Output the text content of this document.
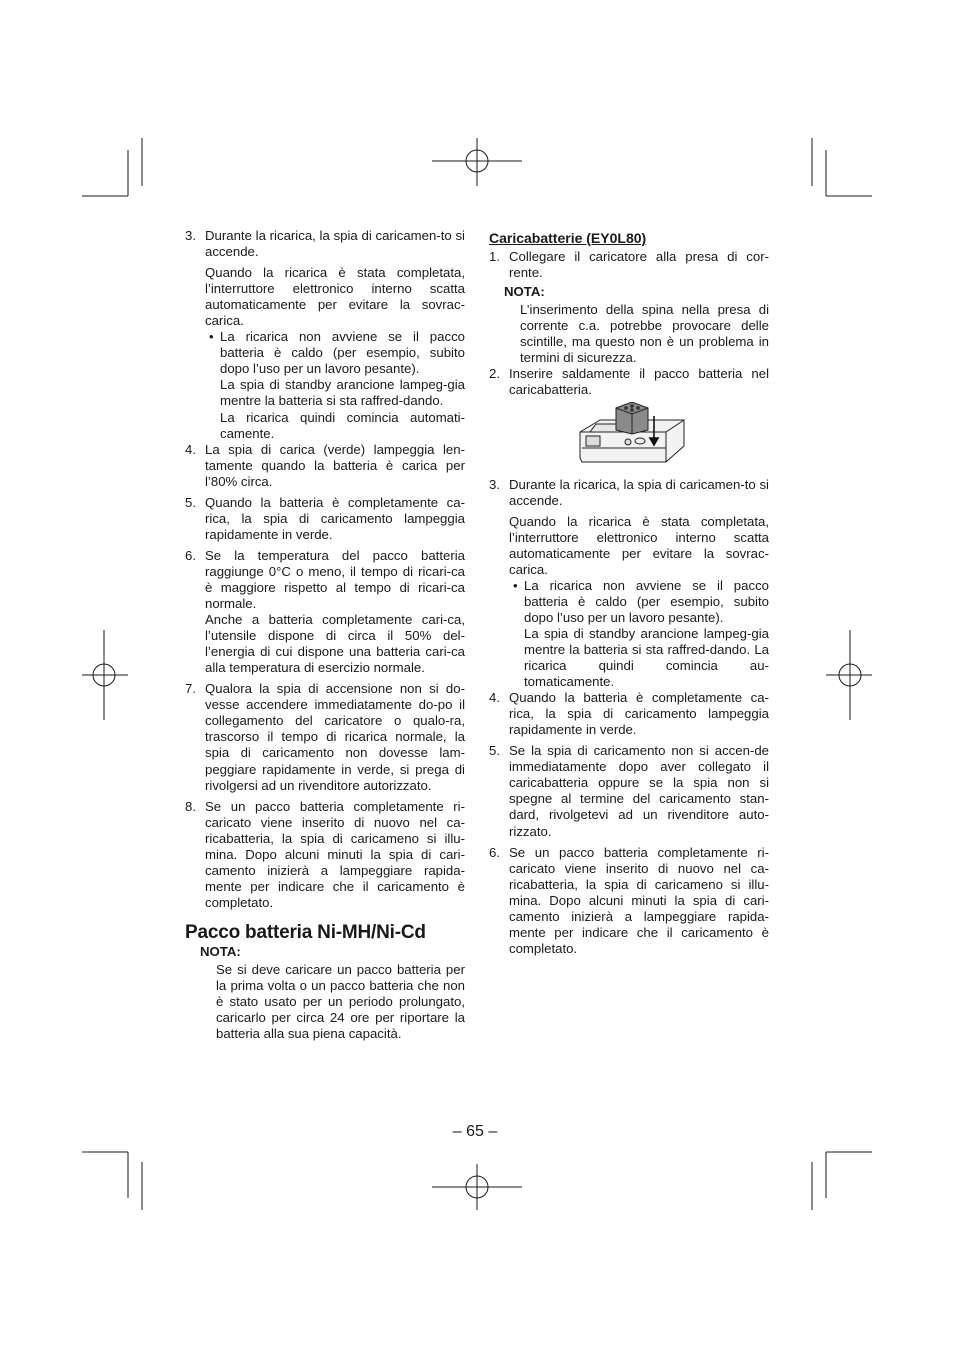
3. Durante la ricarica, la spia di caricamen-to si accende.

Quando la ricarica è stata completata, l’interruttore elettronico interno scatta automaticamente per evitare la sovrac-carica.

• La ricarica non avviene se il pacco batteria è caldo (per esempio, subito dopo l’uso per un lavoro pesante).

La spia di standby arancione lampeg-gia mentre la batteria si sta raffred-dando.

La ricarica quindi comincia automati-camente.

4. La spia di carica (verde) lampeggia len-tamente quando la batteria è carica per l’80% circa.
5. Quando la batteria è completamente ca-rica, la spia di caricamento lampeggia rapidamente in verde.
6. Se la temperatura del pacco batteria raggiunge 0°C o meno, il tempo di ricari-ca è maggiore rispetto al tempo di ricari-ca normale.

Anche a batteria completamente cari-ca, l’utensile dispone di circa il 50% del-l’energia di cui dispone una batteria cari-ca alla temperatura di esercizio normale.

7. Qualora la spia di accensione non si do-vesse accendere immediatamente do-po il collegamento del caricatore o qualo-ra, trascorso il tempo di ricarica normale, la spia di caricamento non dovesse lam-peggiare rapidamente in verde, si prega di rivolgersi ad un rivenditore autorizzato.
8. Se un pacco batteria completamente ri-caricato viene inserito di nuovo nel ca-ricabatteria, la spia di caricameno si illu-mina. Dopo alcuni minuti la spia di cari-camento inizierà a lampeggiare rapida-mente per indicare che il caricamento è completato.
Pacco batteria Ni-MH/Ni-Cd
NOTA:

Se si deve caricare un pacco batteria per la prima volta o un pacco batteria che non è stato usato per un periodo prolungato, caricarlo per circa 24 ore per riportare la batteria alla sua piena capacità.

Caricabatterie (EY0L80)
1. Collegare il caricatore alla presa di cor-rente.
NOTA:

L’inserimento della spina nella presa di corrente c.a. potrebbe provocare delle scintille, ma questo non è un problema in termini di sicurezza.

2. Inserire saldamente il pacco batteria nel caricabatteria.
3. Durante la ricarica, la spia di caricamen-to si accende.

Quando la ricarica è stata completata, l’interruttore elettronico interno scatta automaticamente per evitare la sovrac-carica.

• La ricarica non avviene se il pacco batteria è caldo (per esempio, subito dopo l’uso per un lavoro pesante).

La spia di standby arancione lampeg-gia mentre la batteria si sta raffred-dando. La ricarica quindi comincia au-tomaticamente.

4. Quando la batteria è completamente ca-rica, la spia di caricamento lampeggia rapidamente in verde.
5. Se la spia di caricamento non si accen-de immediatamente dopo aver collegato il caricabatteria oppure se la spia non si spegne al termine del caricamento stan-dard, rivolgetevi ad un rivenditore auto-rizzato.
6. Se un pacco batteria completamente ri-caricato viene inserito di nuovo nel ca-ricabatteria, la spia di caricameno si illu-mina. Dopo alcuni minuti la spia di cari-camento inizierà a lampeggiare rapida-mente per indicare che il caricamento è completato.
– 65 –
